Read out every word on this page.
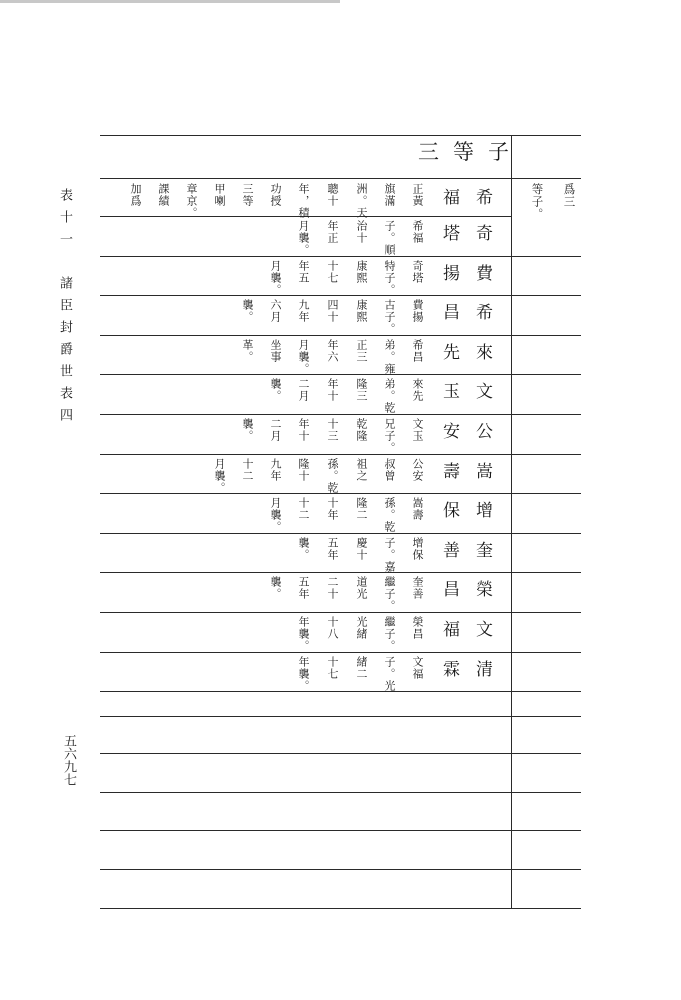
表十一　諸臣封爵世表四
五六九七
三等子
爲三
等子。
希
福
奇
塔
費
揚
希
昌
來
先
文
玉
公
安
嵩
壽
增
保
奎
善
榮
昌
文
福
清
霖
正黃
旗滿
洲。天
聰十
年，積
功授
三等
甲喇
章京。
課績
加爲
希福
子。順
治十
年正
月襲。
奇塔
特子。
康熙
十七
年五
月襲。
費揚
古子。
康熙
四十
九年
六月
襲。
希昌
弟。雍
正三
年六
月襲。
坐事
革。
來先
弟。乾
隆三
年十
二月
襲。
文玉
兄子。
乾隆
十三
年十
二月
襲。
公安
叔曾
祖之
孫。乾
隆十
九年
十二
月襲。
嵩壽
孫。乾
隆二
十年
十二
月襲。
增保
子。嘉
慶十
五年
襲。
奎善
繼子。
道光
二十
五年
襲。
榮昌
繼子。
光緒
十八
年襲。
文福
子。光
緒二
十七
年襲。
